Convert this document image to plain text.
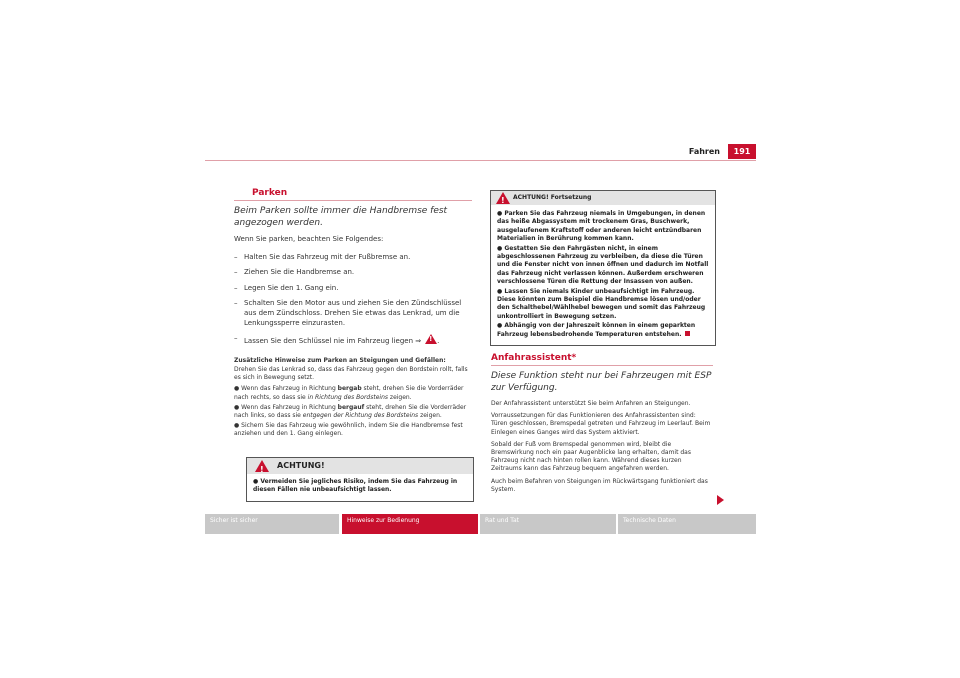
Fahren	191
Parken
Beim Parken sollte immer die Handbremse fest angezogen werden.
Wenn Sie parken, beachten Sie Folgendes:
– Halten Sie das Fahrzeug mit der Fußbremse an.
– Ziehen Sie die Handbremse an.
– Legen Sie den 1. Gang ein.
– Schalten Sie den Motor aus und ziehen Sie den Zündschlüssel aus dem Zündschloss. Drehen Sie etwas das Lenkrad, um die Lenkungssperre einzurasten.
– Lassen Sie den Schlüssel nie im Fahrzeug liegen ⇒! .
Zusätzliche Hinweise zum Parken an Steigungen und Gefällen:
Drehen Sie das Lenkrad so, dass das Fahrzeug gegen den Bordstein rollt, falls es sich in Bewegung setzt.
● Wenn das Fahrzeug in Richtung bergab steht, drehen Sie die Vorderräder nach rechts, so dass sie in Richtung des Bordsteins zeigen.
● Wenn das Fahrzeug in Richtung bergauf steht, drehen Sie die Vorderräder nach links, so dass sie entgegen der Richtung des Bordsteins zeigen.
● Sichern Sie das Fahrzeug wie gewöhnlich, indem Sie die Handbremse fest anziehen und den 1. Gang einlegen.
!
ACHTUNG!

● Vermeiden Sie jegliches Risiko, indem Sie das Fahrzeug in diesen Fällen nie unbeaufsichtigt lassen.

!
ACHTUNG! Fortsetzung

● Parken Sie das Fahrzeug niemals in Umgebungen, in denen das heiße Abgassystem mit trockenem Gras, Buschwerk, ausgelaufenem Kraftstoff oder anderen leicht entzündbaren Materialien in Berührung kommen kann.

● Gestatten Sie den Fahrgästen nicht, in einem abgeschlossenen Fahrzeug zu verbleiben, da diese die Türen und die Fenster nicht von innen öffnen und dadurch im Notfall das Fahrzeug nicht verlassen können. Außerdem erschweren verschlossene Türen die Rettung der Insassen von außen.

● Lassen Sie niemals Kinder unbeaufsichtigt im Fahrzeug. Diese könnten zum Beispiel die Handbremse lösen und/oder den Schalthebel/Wählhebel bewegen und somit das Fahrzeug unkontrolliert in Bewegung setzen.

● Abhängig von der Jahreszeit können in einem geparkten Fahrzeug lebensbedrohende Temperaturen entstehen.

Anfahrassistent*
Diese Funktion steht nur bei Fahrzeugen mit ESP zur Verfügung.
Der Anfahrassistent unterstützt Sie beim Anfahren an Steigungen.
Vorraussetzungen für das Funktionieren des Anfahrassistenten sind: Türen geschlossen, Bremspedal getreten und Fahrzeug im Leerlauf. Beim Einlegen eines Ganges wird das System aktiviert.
Sobald der Fuß vom Bremspedal genommen wird, bleibt die Bremswirkung noch ein paar Augenblicke lang erhalten, damit das Fahrzeug nicht nach hinten rollen kann. Während dieses kurzen Zeitraums kann das Fahrzeug bequem angefahren werden.
Auch beim Befahren von Steigungen im Rückwärtsgang funktioniert das System.
Sicher ist sicher	Hinweise zur Bedienung	Rat und Tat	Technische Daten
